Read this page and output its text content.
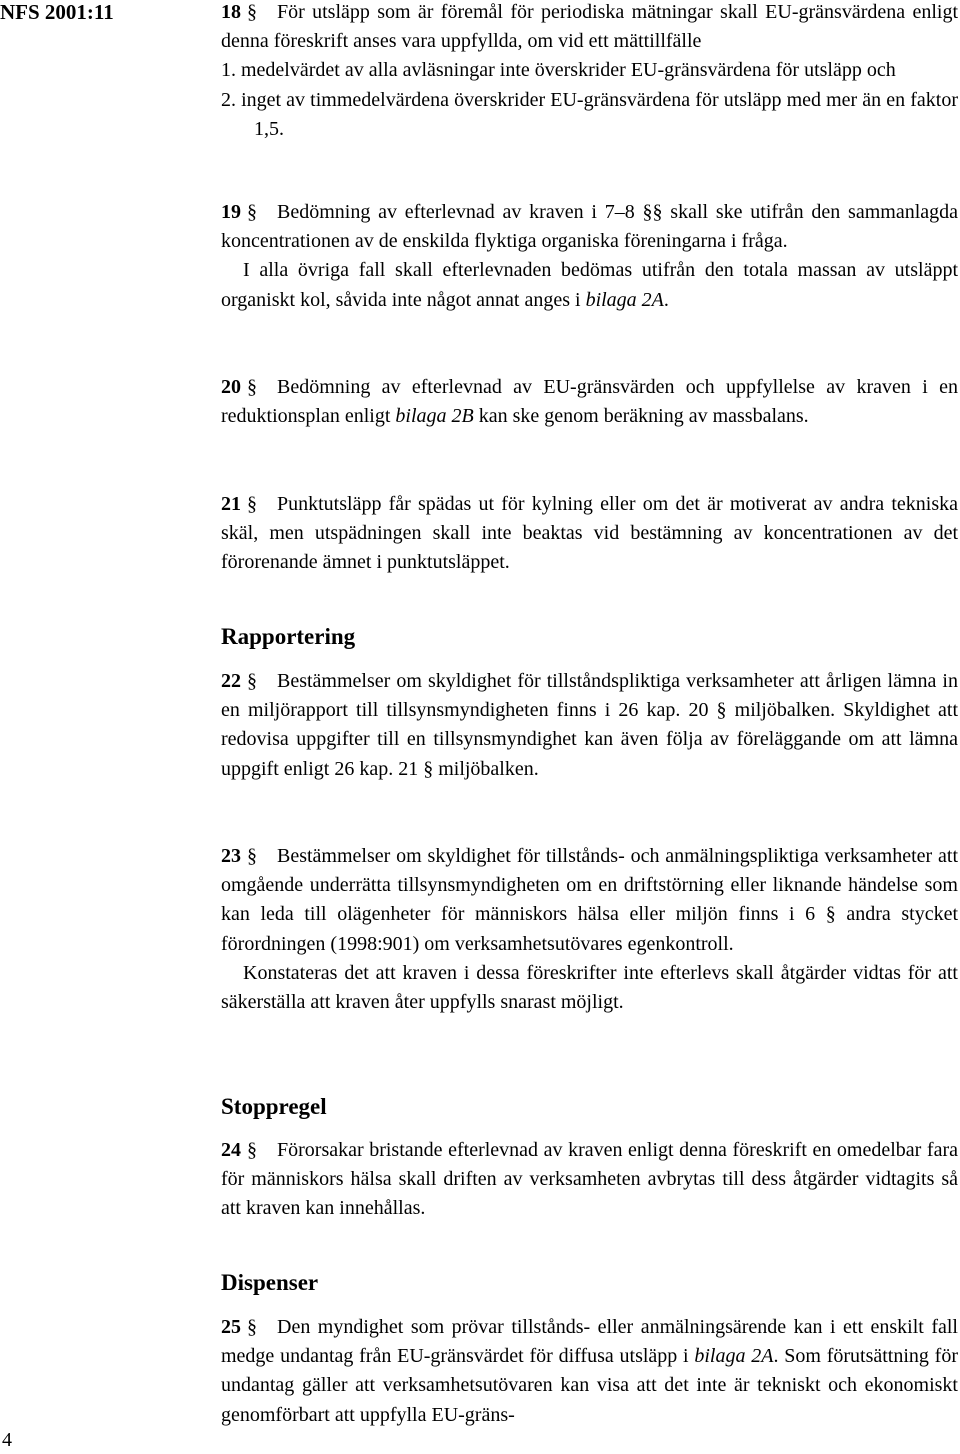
NFS 2001:11
4
18 § För utsläpp som är föremål för periodiska mätningar skall EU-gränsvärdena enligt denna föreskrift anses vara uppfyllda, om vid ett mättillfälle
1. medelvärdet av alla avläsningar inte överskrider EU-gränsvärdena för utsläpp och
2. inget av timmedelvärdena överskrider EU-gränsvärdena för utsläpp med mer än en faktor 1,5.
19 § Bedömning av efterlevnad av kraven i 7–8 §§ skall ske utifrån den sammanlagda koncentrationen av de enskilda flyktiga organiska föreningarna i fråga.
I alla övriga fall skall efterlevnaden bedömas utifrån den totala massan av utsläppt organiskt kol, såvida inte något annat anges i bilaga 2A.
20 § Bedömning av efterlevnad av EU-gränsvärden och uppfyllelse av kraven i en reduktionsplan enligt bilaga 2B kan ske genom beräkning av massbalans.
21 § Punktutsläpp får spädas ut för kylning eller om det är motiverat av andra tekniska skäl, men utspädningen skall inte beaktas vid bestämning av koncentrationen av det förorenande ämnet i punktutsläppet.
Rapportering
22 § Bestämmelser om skyldighet för tillståndspliktiga verksamheter att årligen lämna in en miljörapport till tillsynsmyndigheten finns i 26 kap. 20 § miljöbalken. Skyldighet att redovisa uppgifter till en tillsynsmyndighet kan även följa av föreläggande om att lämna uppgift enligt 26 kap. 21 § miljöbalken.
23 § Bestämmelser om skyldighet för tillstånds- och anmälningspliktiga verksamheter att omgående underrätta tillsynsmyndigheten om en driftstörning eller liknande händelse som kan leda till olägenheter för människors hälsa eller miljön finns i 6 § andra stycket förordningen (1998:901) om verksamhetsutövares egenkontroll.
Konstateras det att kraven i dessa föreskrifter inte efterlevs skall åtgärder vidtas för att säkerställa att kraven åter uppfylls snarast möjligt.
Stoppregel
24 § Förorsakar bristande efterlevnad av kraven enligt denna föreskrift en omedelbar fara för människors hälsa skall driften av verksamheten avbrytas till dess åtgärder vidtagits så att kraven kan innehållas.
Dispenser
25 § Den myndighet som prövar tillstånds- eller anmälningsärende kan i ett enskilt fall medge undantag från EU-gränsvärdet för diffusa utsläpp i bilaga 2A. Som förutsättning för undantag gäller att verksamhetsutövaren kan visa att det inte är tekniskt och ekonomiskt genomförbart att uppfylla EU-gräns-
